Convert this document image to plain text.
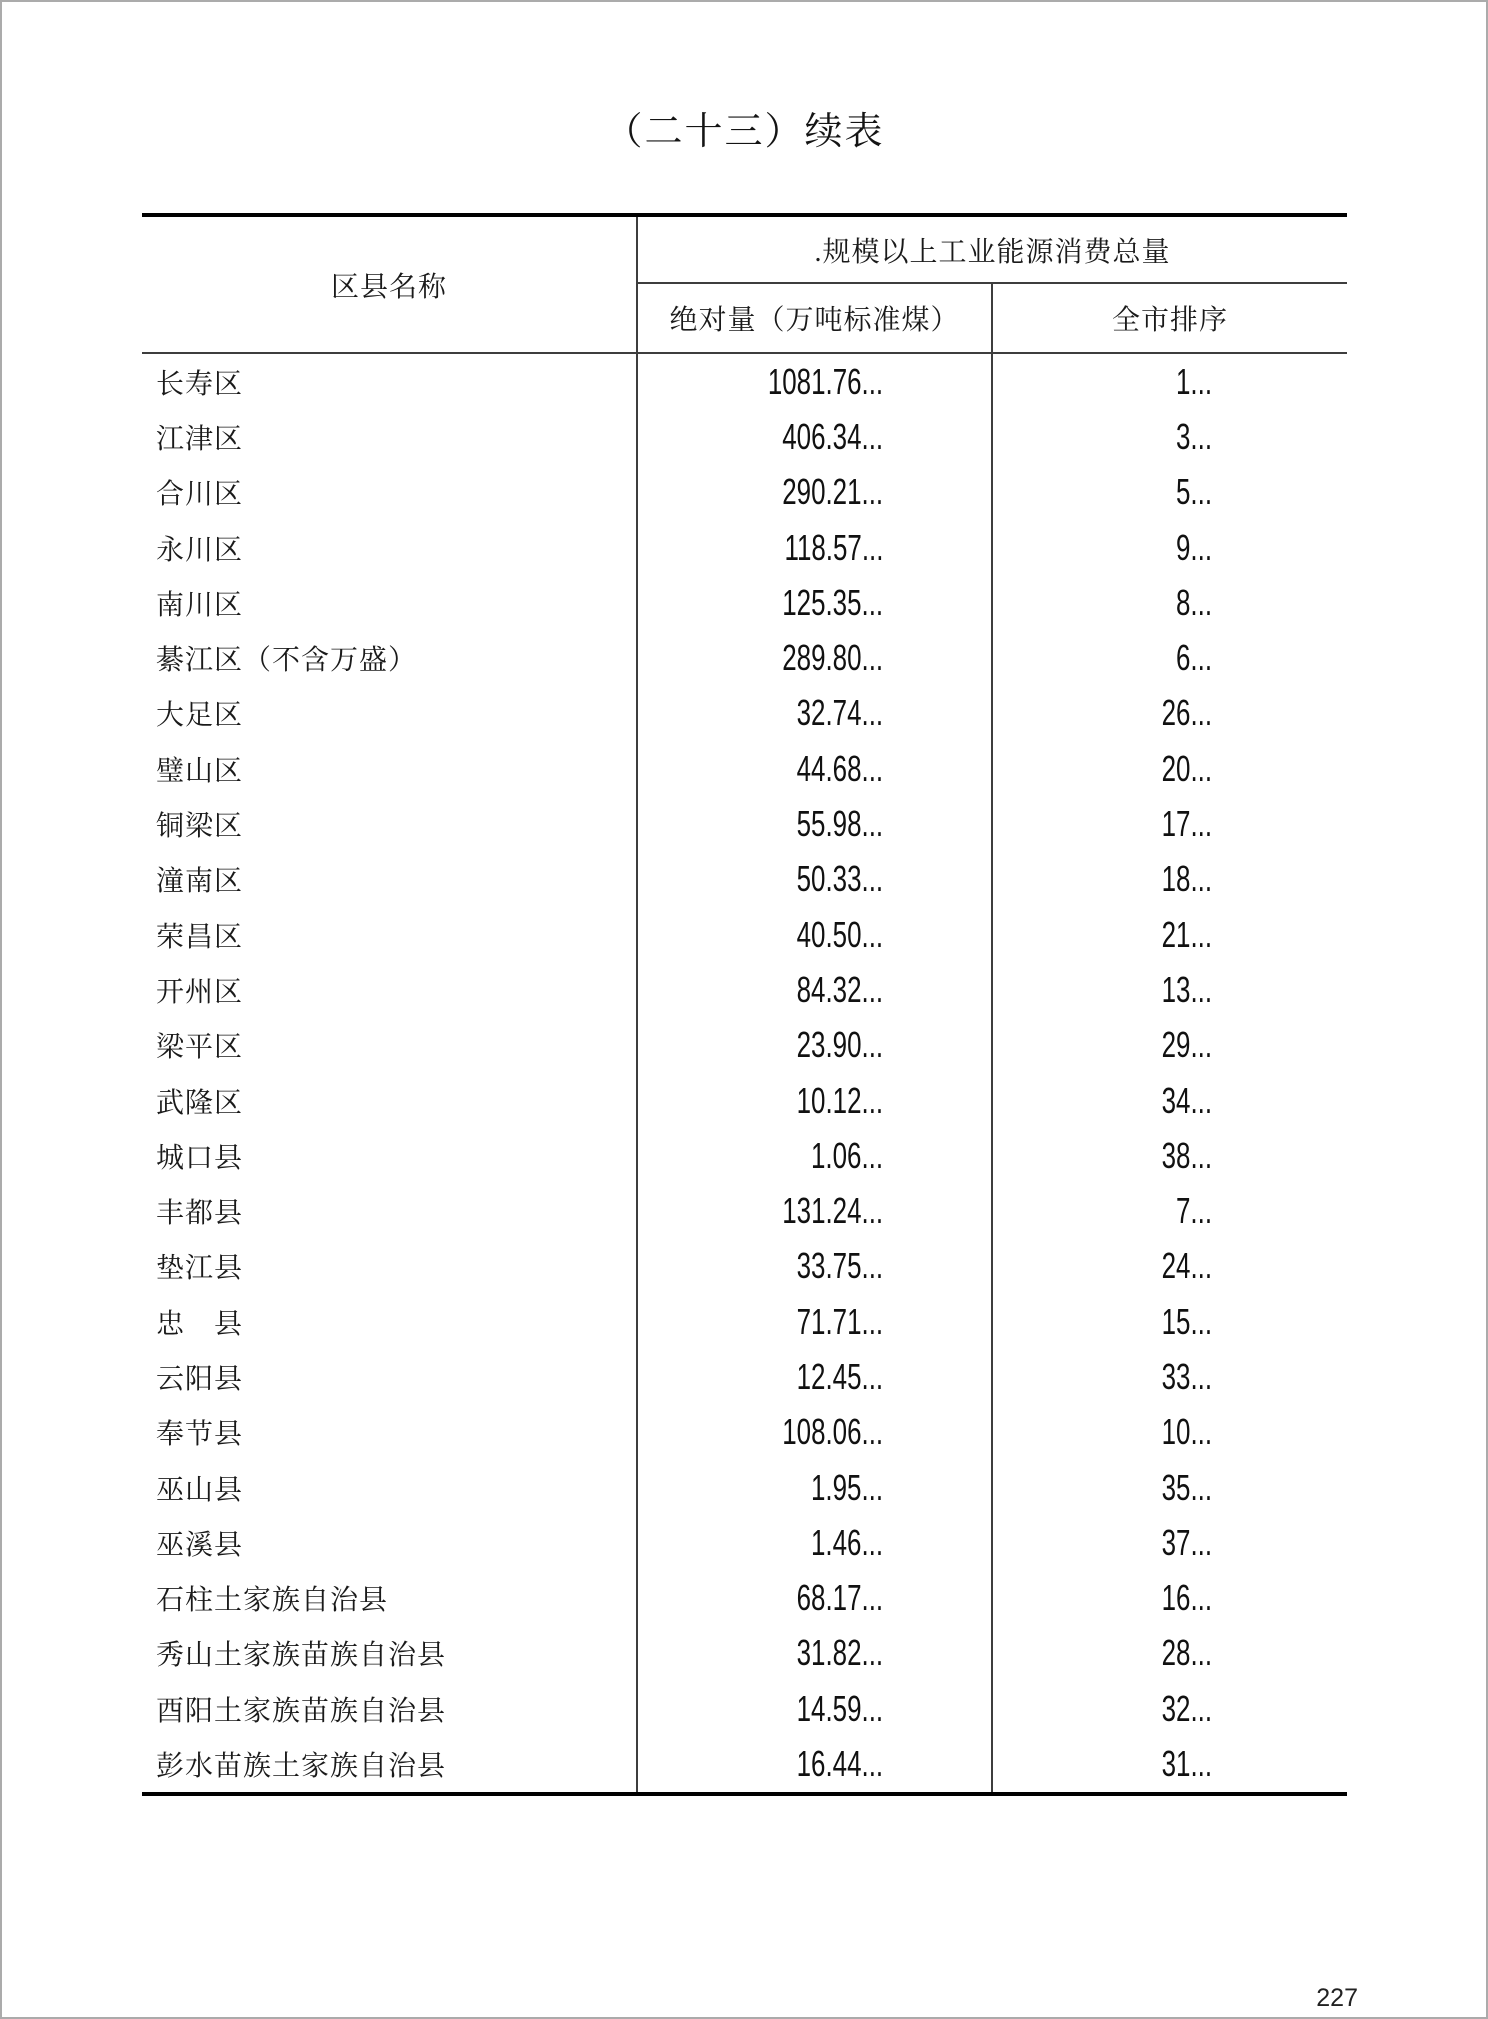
（二十三）续表
区县名称
.规模以上工业能源消费总量
绝对量（万吨标准煤）	全市排序
长寿区	1081.76...	1...
江津区	406.34...	3...
合川区	290.21...	5...
永川区	118.57...	9...
南川区	125.35...	8...
綦江区（不含万盛）	289.80...	6...
大足区	32.74...	26...
璧山区	44.68...	20...
铜梁区	55.98...	17...
潼南区	50.33...	18...
荣昌区	40.50...	21...
开州区	84.32...	13...
梁平区	23.90...	29...
武隆区	10.12...	34...
城口县	1.06...	38...
丰都县	131.24...	7...
垫江县	33.75...	24...
忠　县	71.71...	15...
云阳县	12.45...	33...
奉节县	108.06...	10...
巫山县	1.95...	35...
巫溪县	1.46...	37...
石柱土家族自治县	68.17...	16...
秀山土家族苗族自治县	31.82...	28...
酉阳土家族苗族自治县	14.59...	32...
彭水苗族土家族自治县	16.44...	31...
227
